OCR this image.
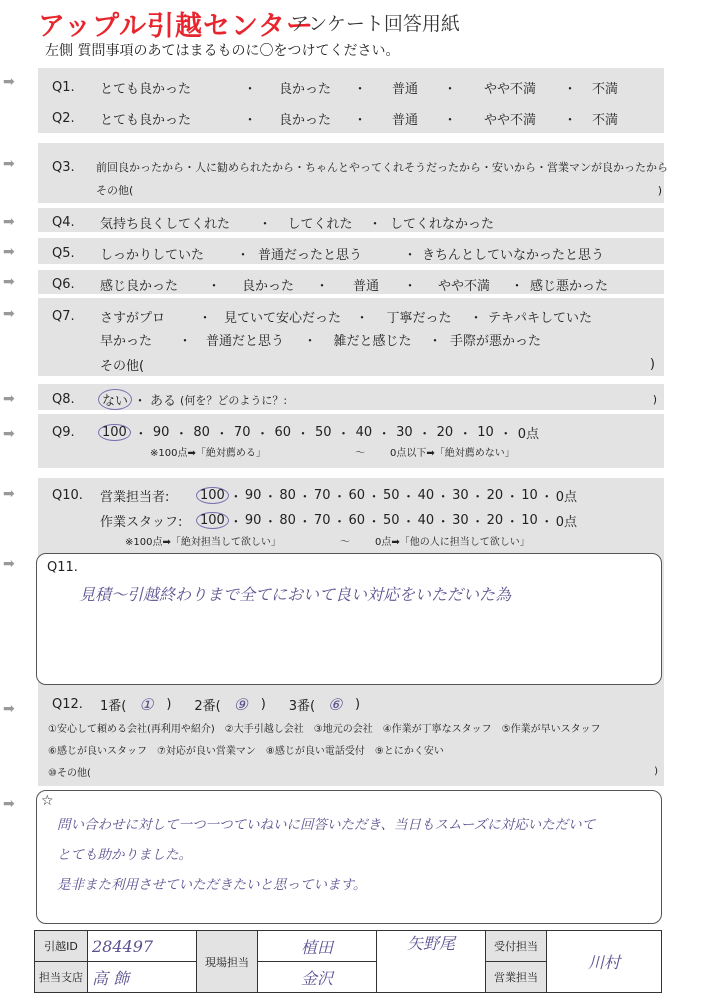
アップル引越センター
アンケート回答用紙
左側 質問事項のあてはまるものに〇をつけてください。
➡
➡
➡
➡
➡
➡
➡
➡
➡
➡
➡
➡
Q1.	とても良かった	・	良かった	・	普通	・	やや不満	・	不満
Q2.	とても良かった	・	良かった	・	普通	・	やや不満	・	不満
Q3.	前回良かったから・人に勧められたから・ちゃんとやってくれそうだったから・安いから・営業マンが良かったから
その他(	)
Q4.	気持ち良くしてくれた	・	してくれた	・ してくれなかった
Q5.	しっかりしていた	・ 普通だったと思う	・ きちんとしていなかったと思う
Q6.	感じ良かった	・	良かった	・	普通	・	やや不満	・ 感じ悪かった
Q7.	さすがプロ	・ 見ていて安心だった	・	丁寧だった	・ テキパキしていた
早かった	・	普通だと思う	・	雑だと感じた	・ 手際が悪かった
その他(	)
Q8.	ない ・ ある (何を？どのように？:	)
Q9.	100 ・ 90 ・ 80 ・ 70 ・ 60 ・ 50 ・ 40 ・ 30 ・ 20 ・ 10 ・ 0点
※100点➡「絶対薦める」	〜	0点以下➡「絶対薦めない」
Q10.	営業担当者:	100 ・ 90 ・ 80 ・ 70 ・ 60 ・ 50 ・ 40 ・ 30 ・ 20 ・ 10 ・ 0点
作業スタッフ:	100 ・ 90 ・ 80 ・ 70 ・ 60 ・ 50 ・ 40 ・ 30 ・ 20 ・ 10 ・ 0点
※100点➡「絶対担当して欲しい」	〜	0点➡「他の人に担当して欲しい」
Q11.
見積〜引越終わりまで全てにおいて良い対応をいただいた為
Q12.	1番( ① )	2番( ⑨ )	3番( ⑥ )
①安心して頼める会社(再利用や紹介)　②大手引越し会社　③地元の会社　④作業が丁寧なスタッフ　⑤作業が早いスタッフ
⑥感じが良いスタッフ　⑦対応が良い営業マン　⑧感じが良い電話受付　⑨とにかく安い
⑩その他(	)
☆
問い合わせに対して一つ一つていねいに回答いただき、当日もスムーズに対応いただいて
とても助かりました。
是非また利用させていただきたいと思っています。
引越ID	284497	現場担当	植田	矢野尾	受付担当	川村
担当支店	高 飾		金沢		営業担当	
